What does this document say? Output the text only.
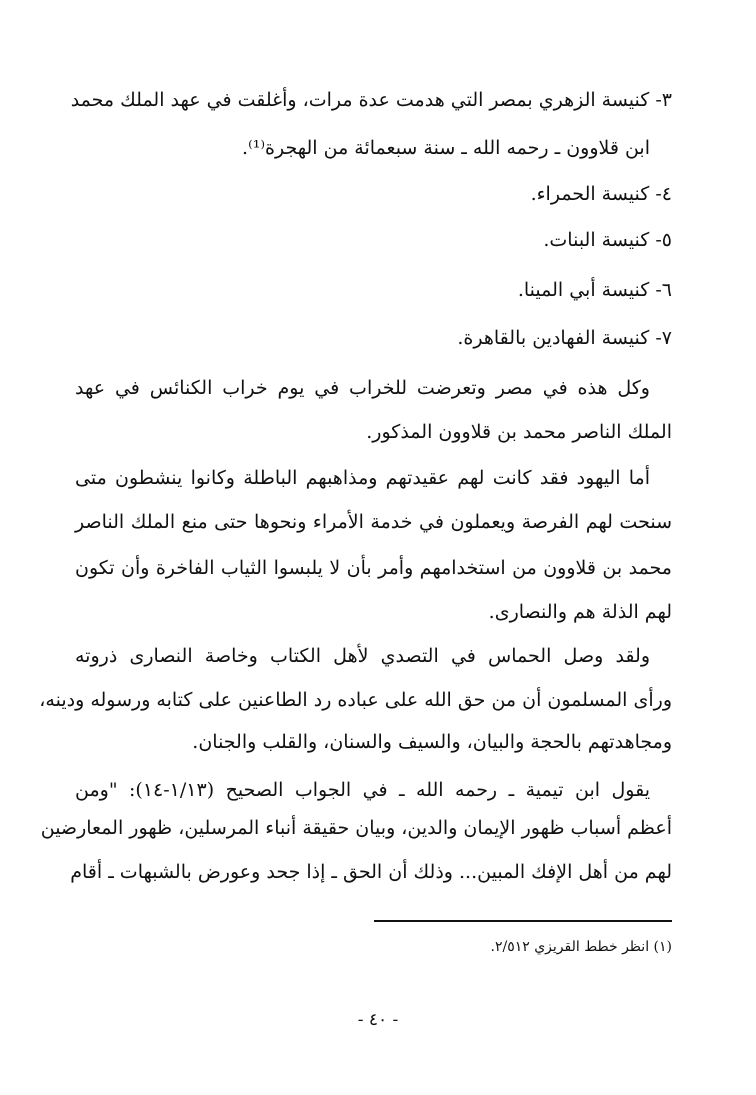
٣- كنيسة الزهري بمصر التي هدمت عدة مرات، وأغلقت في عهد الملك محمد
ابن قلاوون ـ رحمه الله ـ سنة سبعمائة من الهجرة⁽¹⁾.
٤- كنيسة الحمراء.
٥- كنيسة البنات.
٦- كنيسة أبي المينا.
٧- كنيسة الفهادين بالقاهرة.
وكل هذه في مصر وتعرضت للخراب في يوم خراب الكنائس في عهد
الملك الناصر محمد بن قلاوون المذكور.
أما اليهود فقد كانت لهم عقيدتهم ومذاهبهم الباطلة وكانوا ينشطون متى
سنحت لهم الفرصة ويعملون في خدمة الأمراء ونحوها حتى منع الملك الناصر
محمد بن قلاوون من استخدامهم وأمر بأن لا يلبسوا الثياب الفاخرة وأن تكون
لهم الذلة هم والنصارى.
ولقد وصل الحماس في التصدي لأهل الكتاب وخاصة النصارى ذروته
ورأى المسلمون أن من حق الله على عباده رد الطاعنين على كتابه ورسوله ودينه،
ومجاهدتهم بالحجة والبيان، والسيف والسنان، والقلب والجنان.
يقول ابن تيمية ـ رحمه الله ـ في الجواب الصحيح (١/١٣-١٤): "ومن
أعظم أسباب ظهور الإيمان والدين، وبيان حقيقة أنباء المرسلين، ظهور المعارضين
لهم من أهل الإفك المبين... وذلك أن الحق ـ إذا جحد وعورض بالشبهات ـ أقام
(١) انظر خطط القريزي ٢/٥١٢.
- ٤٠ -
